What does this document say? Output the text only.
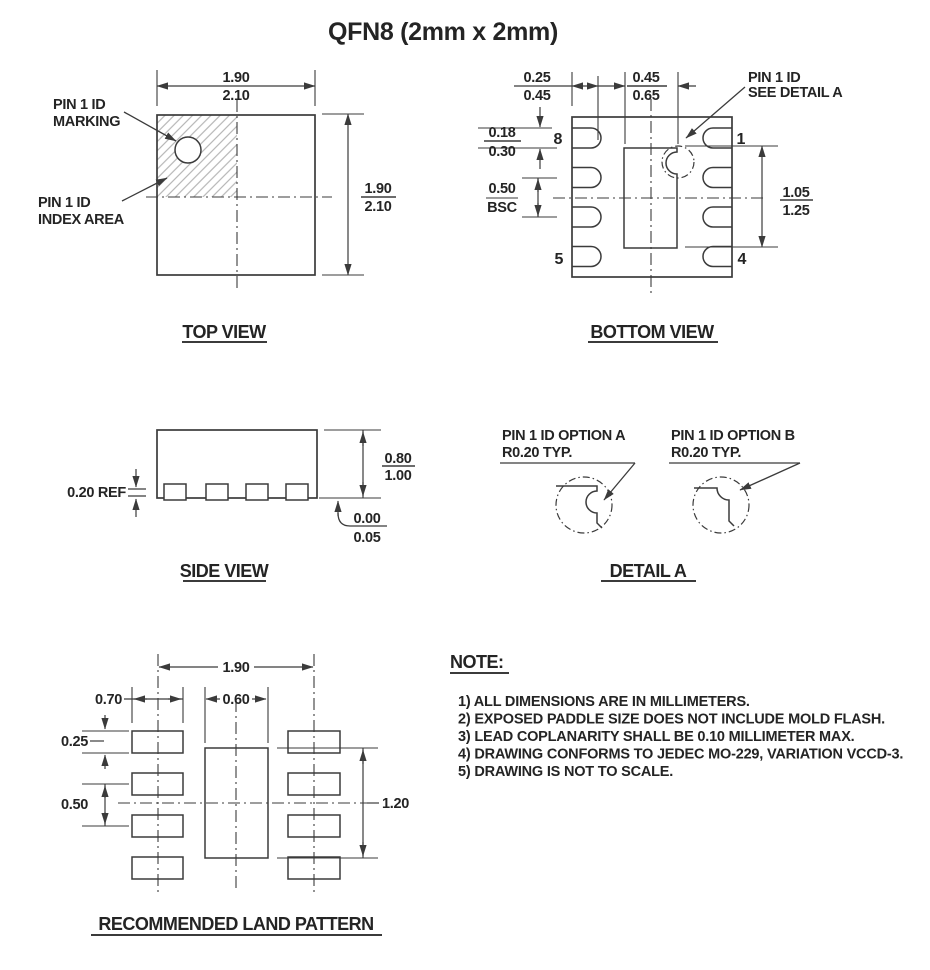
QFN8 (2mm x 2mm)
1.90
2.10
1.90
2.10
PIN 1 ID
MARKING
PIN 1 ID
INDEX AREA
TOP VIEW
8	1
5	4
0.25
0.45
0.45
0.65
0.18
0.30
0.50
BSC
1.05
1.25
PIN 1 ID
SEE DETAIL A
BOTTOM VIEW
0.20 REF
0.80
1.00
0.00
0.05
SIDE VIEW
PIN 1 ID OPTION A
R0.20 TYP.
PIN 1 ID OPTION B
R0.20 TYP.
DETAIL A
1.90
0.70	0.60
0.25
0.50	1.20
RECOMMENDED LAND PATTERN
NOTE:
1) ALL DIMENSIONS ARE IN MILLIMETERS.
2) EXPOSED PADDLE SIZE DOES NOT INCLUDE MOLD FLASH.
3) LEAD COPLANARITY SHALL BE 0.10 MILLIMETER MAX.
4) DRAWING CONFORMS TO JEDEC MO-229, VARIATION VCCD-3.
5) DRAWING IS NOT TO SCALE.
